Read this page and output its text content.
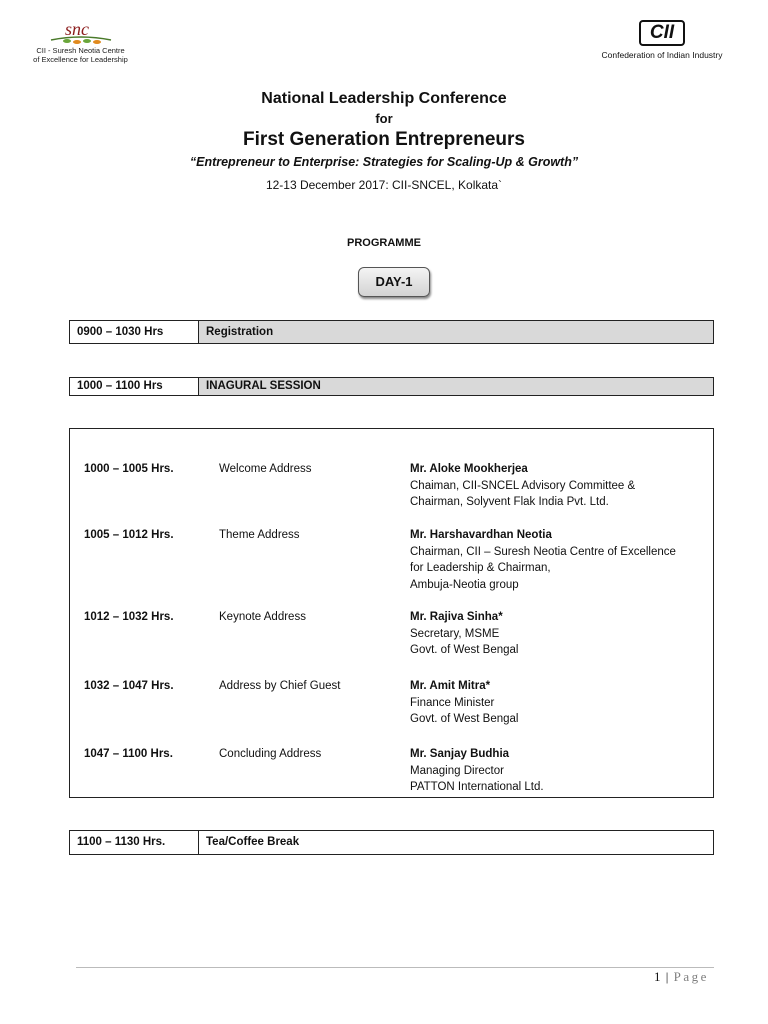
snc
CII - Suresh Neotia Centre
of Excellence for Leadership
CII
Confederation of Indian Industry
National Leadership Conference
for
First Generation Entrepreneurs
“Entrepreneur to Enterprise: Strategies for Scaling-Up & Growth”
12-13 December 2017: CII-SNCEL, Kolkata`
PROGRAMME
DAY-1
0900 – 1030 Hrs	Registration
1000 – 1100 Hrs	INAGURAL SESSION
1000 – 1005 Hrs.	Welcome Address	Mr. Aloke Mookherjea
Chaiman, CII-SNCEL Advisory Committee &
Chairman, Solyvent Flak India Pvt. Ltd.
1005 – 1012 Hrs.	Theme Address	Mr. Harshavardhan Neotia
Chairman, CII – Suresh Neotia Centre of Excellence
for Leadership & Chairman,
Ambuja-Neotia group
1012 – 1032 Hrs.	Keynote Address	Mr. Rajiva Sinha*
Secretary, MSME
Govt. of West Bengal
1032 – 1047 Hrs.	Address by Chief Guest	Mr. Amit Mitra*
Finance Minister
Govt. of West Bengal
1047 – 1100 Hrs.	Concluding Address	Mr. Sanjay Budhia
Managing Director
PATTON International Ltd.
1100 – 1130 Hrs.	Tea/Coffee Break
1 | Page
